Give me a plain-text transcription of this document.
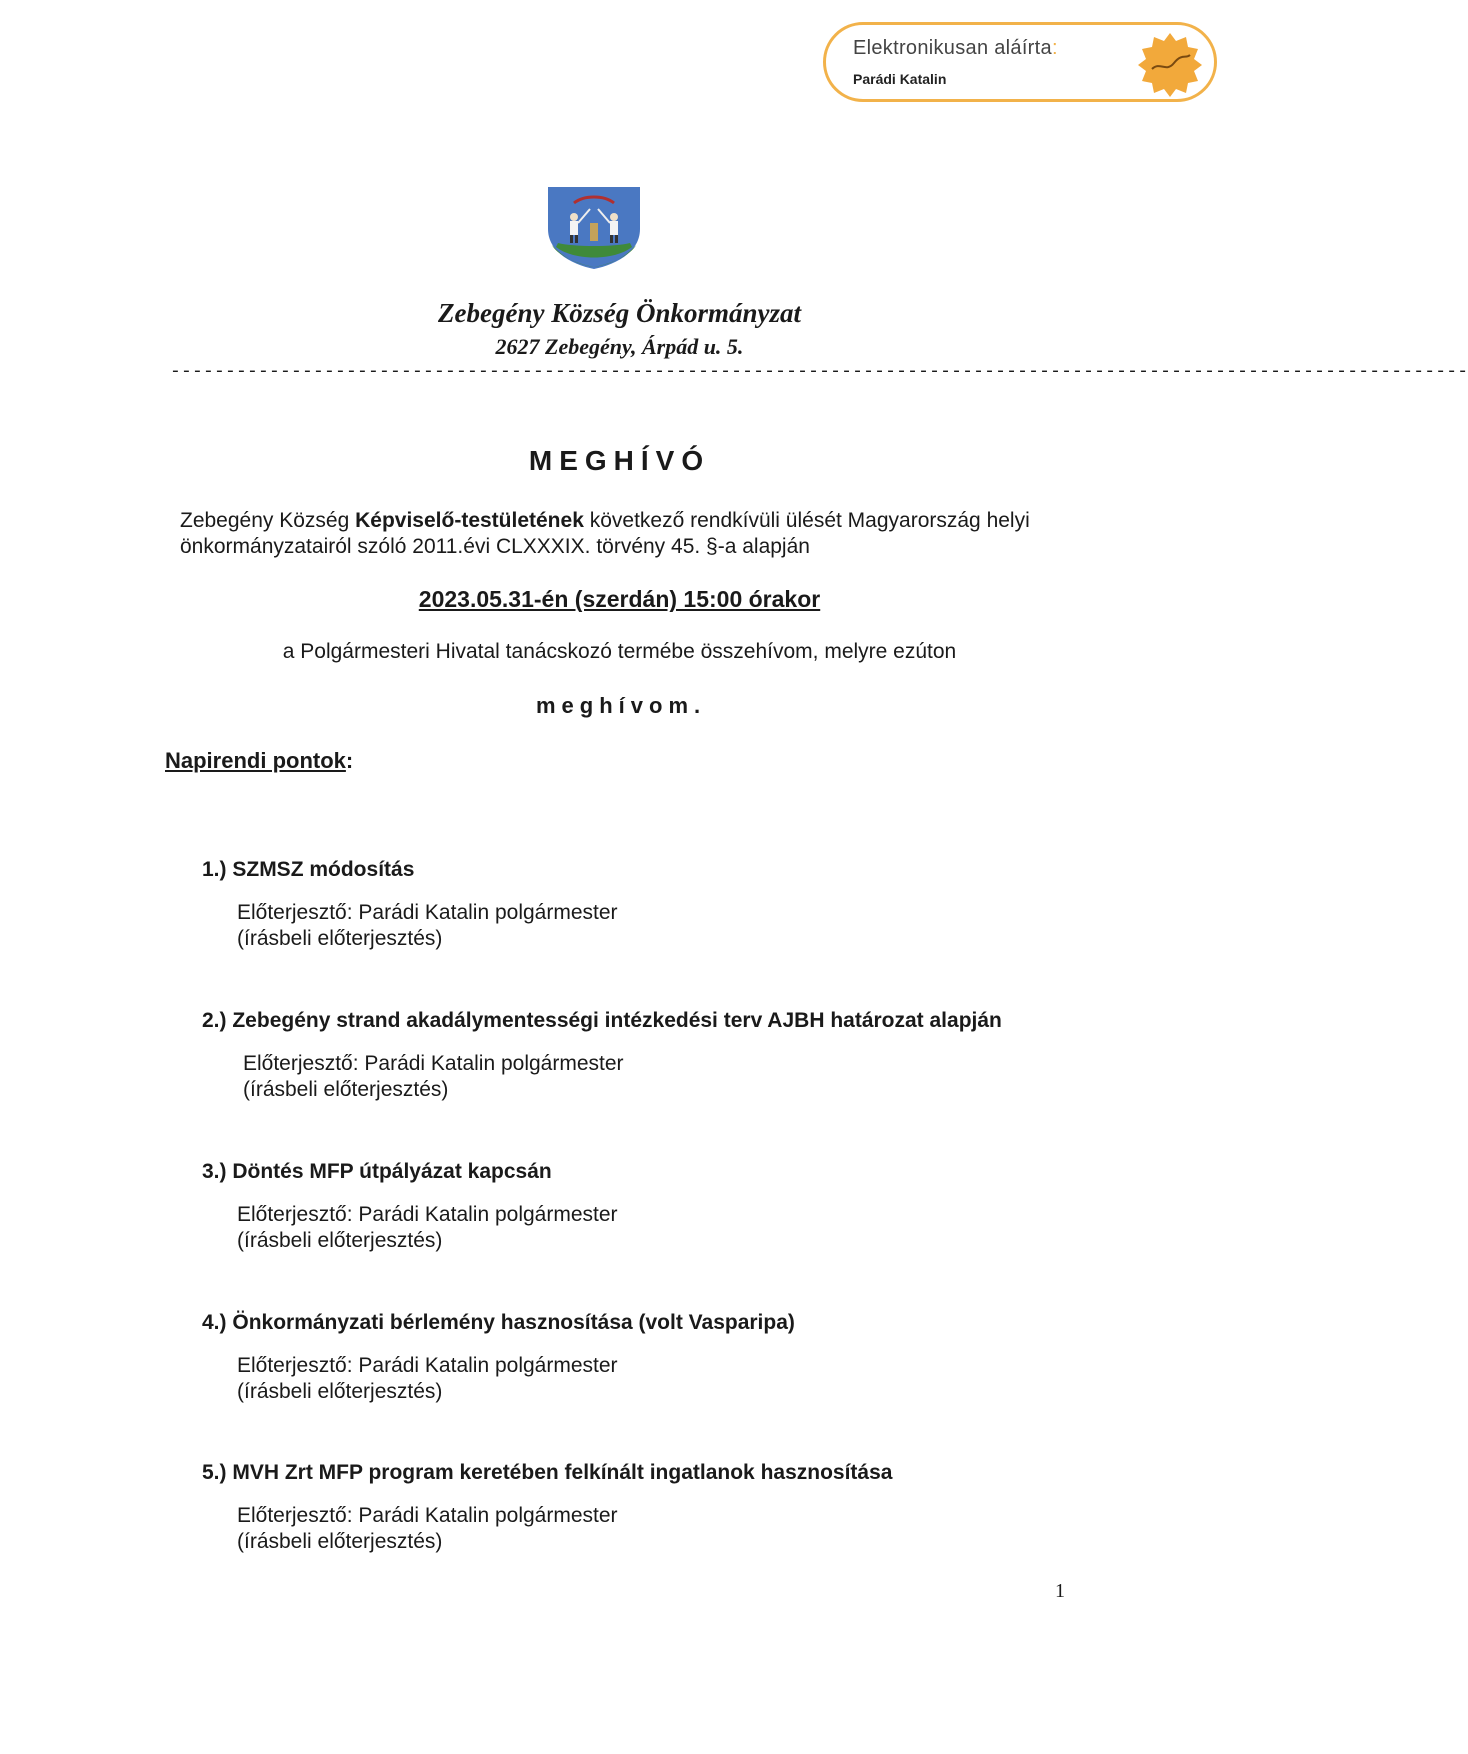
Elektronikusan aláírta:
Parádi Katalin
Zebegény Község Önkormányzat
2627 Zebegény, Árpád u. 5.
----------------------------------------------------------------------------------------------------------------------
MEGHÍVÓ
Zebegény Község Képviselő-testületének következő rendkívüli ülését Magyarország helyi önkormányzatairól szóló 2011.évi CLXXXIX. törvény 45. §-a alapján
2023.05.31-én (szerdán) 15:00 órakor
a Polgármesteri Hivatal tanácskozó termébe összehívom, melyre ezúton
meghívom.
Napirendi pontok:
1.) SZMSZ módosítás
Előterjesztő: Parádi Katalin polgármester
(írásbeli előterjesztés)
2.) Zebegény strand akadálymentességi intézkedési terv AJBH határozat alapján
Előterjesztő: Parádi Katalin polgármester
(írásbeli előterjesztés)
3.) Döntés MFP útpályázat kapcsán
Előterjesztő: Parádi Katalin polgármester
(írásbeli előterjesztés)
4.) Önkormányzati bérlemény hasznosítása (volt Vasparipa)
Előterjesztő: Parádi Katalin polgármester
(írásbeli előterjesztés)
5.) MVH Zrt MFP program keretében felkínált ingatlanok hasznosítása
Előterjesztő: Parádi Katalin polgármester
(írásbeli előterjesztés)
1
